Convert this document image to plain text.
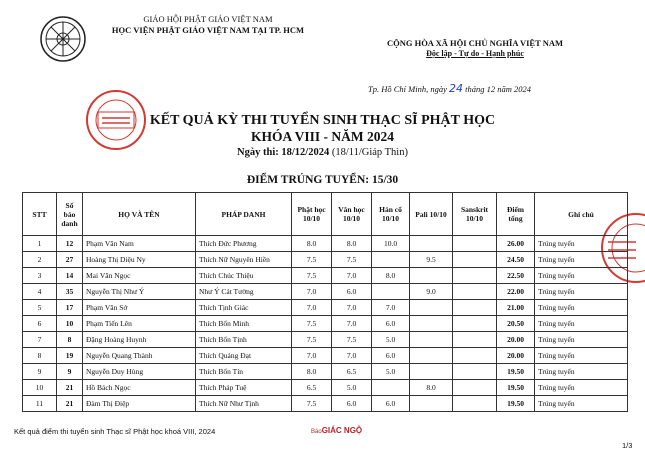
GIÁO HỘI PHẬT GIÁO VIỆT NAM
HỌC VIỆN PHẬT GIÁO VIỆT NAM TẠI TP. HCM
CỘNG HÒA XÃ HỘI CHỦ NGHĨA VIỆT NAM
Độc lập - Tự do - Hạnh phúc
Tp. Hồ Chí Minh, ngày 24 tháng 12 năm 2024
KẾT QUẢ KỲ THI TUYỂN SINH THẠC SĨ PHẬT HỌC
KHÓA VIII - NĂM 2024
Ngày thi: 18/12/2024 (18/11/Giáp Thìn)
ĐIỂM TRÚNG TUYỂN: 15/30
STT	Số báo danh	HỌ VÀ TÊN	PHÁP DANH	Phật học 10/10	Văn học 10/10	Hán cổ 10/10	Pali 10/10	Sanskrit 10/10	Điểm tổng	Ghi chú
1	12	Phạm Văn Nam	Thích Đức Phương	8.0	8.0	10.0			26.00	Trúng tuyển
2	27	Hoàng Thị Diệu Ny	Thích Nữ Nguyên Hiền	7.5	7.5		9.5		24.50	Trúng tuyển
3	14	Mai Văn Ngọc	Thích Chúc Thiệu	7.5	7.0	8.0			22.50	Trúng tuyển
4	35	Nguyễn Thị Như Ý	Như Ý Cát Tường	7.0	6.0		9.0		22.00	Trúng tuyển
5	17	Phạm Văn Sở	Thích Tịnh Giác	7.0	7.0	7.0			21.00	Trúng tuyển
6	10	Phạm Tiến Lên	Thích Bổn Minh	7.5	7.0	6.0			20.50	Trúng tuyển
7	8	Đặng Hoàng Huynh	Thích Bổn Tịnh	7.5	7.5	5.0			20.00	Trúng tuyển
8	19	Nguyễn Quang Thành	Thích Quảng Đạt	7.0	7.0	6.0			20.00	Trúng tuyển
9	9	Nguyễn Duy Hùng	Thích Bổn Tín	8.0	6.5	5.0			19.50	Trúng tuyển
10	21	Hồ Bách Ngọc	Thích Pháp Tuệ	6.5	5.0		8.0		19.50	Trúng tuyển
11	21	Đàm Thị Điệp	Thích Nữ Như Tịnh	7.5	6.0	6.0			19.50	Trúng tuyển
Kết quả điểm thi tuyển sinh Thạc sĩ Phật học khoá VIII, 2024	BáoGIÁC NGỘ
1/3
